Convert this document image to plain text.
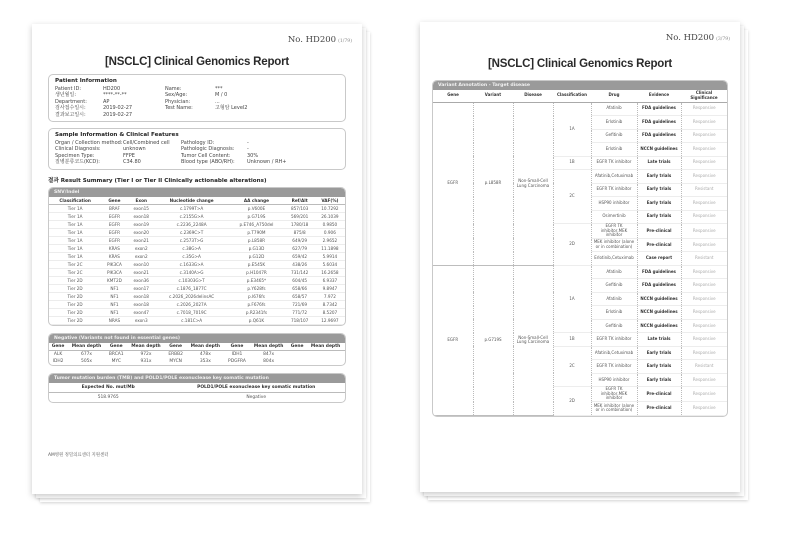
No. HD200 (1/79)
[NSCLC] Clinical Genomics Report
Patient Information
Patient ID:	HD200	Name:	***
생년월일:	****-**-**	Sex/Age:	M / 0
Department:	AP	Physician:	...
검사접수일시:	2019-02-27	Test Name:	고형암 Level2
결과보고일시:	2019-02-27
Sample Information & Clinical Features
Organ / Collection method: Cell/Combined cell	Pathology ID:	-
Clinical Diagnosis:	unknown	Pathologic Diagnosis:	-
Specimen Type:	FFPE	Tumor Cell Content:	30%
질병분류코드(KCD):	C34.80	Blood type (ABO/RH):	Unknown / RH+
결과 Result Summary (Tier I or Tier II Clinically actionable alterations)
SNV/Indel
Classification	Gene	Exon	Nucleotide change	AA change	Ref/Alt	VAF(%)
Tier 1A	BRAF	exon15	c.1799T>A	p.V600E	857/103	10.7292
Tier 1A	EGFR	exon18	c.2155G>A	p.G719S	569/201	26.1039
Tier 1A	EGFR	exon19	c.2236_2248A	p.E746_A750del	1780/18	0.9850
Tier 1A	EGFR	exon20	c.2369C>T	p.T790M	875/8	0.906
Tier 1A	EGFR	exon21	c.2573T>G	p.L858R	649/29	2.9652
Tier 1A	KRAS	exon2	c.38G>A	p.G13D	627/79	11.1898
Tier 1A	KRAS	exon2	c.35G>A	p.G12D	659/42	5.9914
Tier 2C	PIK3CA	exon10	c.1633G>A	p.E545K	438/26	5.6034
Tier 2C	PIK3CA	exon21	c.3140A>G	p.H1047R	731/142	16.2658
Tier 2D	KMT2D	exon36	c.10303G>T	p.E3465*	604/45	6.9337
Tier 2D	NF1	exon17	c.1876_1877C	p.Y628fs	658/66	9.8947
Tier 2D	NF1	exon18	c.2026_2026delinsAC	p.I676fs	658/57	7.972
Tier 2D	NF1	exon18	c.2026_2027A	p.F676fs	721/69	8.7342
Tier 2D	NF1	exon47	c.7018_7019C	p.R2341fs	771/72	8.5207
Tier 2D	NRAS	exon3	c.181C>A	p.Q61K	718/107	12.9697
Negative (Variants not found in essential genes)
Gene	Mean depth	Gene	Mean depth	Gene	Mean depth	Gene	Mean depth	Gene	Mean depth
ALK	677x	BRCA1	972x	ERBB2	478x	IDH1	847x		
IDH2	505x	MYC	931x	MYCN	353x	PDGFRA	804x		
Tumor mutation burden (TMB) and POLD1/POLE exonuclease key somatic mutation
Expected No. mut/Mb	POLD1/POLE exonuclease key somatic mutation
518.9765	Negative
AM병원 정밀의료센터 지원센터
No. HD200 (3/79)
[NSCLC] Clinical Genomics Report
Variant Annotation - Target disease
Gene	Variant	Disease	Classification	Drug	Evidence	Clinical Significance
EGFR	p.L858R	Non-Small-Cell Lung Carcinoma	1A	Afatinib	FDA guidelines	Responsive
				Erlotinib	FDA guidelines	Responsive
				Gefitinib	FDA guidelines	Responsive
				Erlotinib	NCCN guidelines	Responsive
			1B	EGFR TK inhibitor	Late trials	Responsive
			2C	Afatinib,Cetuximab	Early trials	Responsive
				EGFR TK inhibitor	Early trials	Resistant
				HSP90 inhibitor	Early trials	Responsive
				Osimertinib	Early trials	Responsive
			2D	EGFR TK inhibitor,MEK inhibitor	Pre-clinical	Responsive
				MEK inhibitor (alone or in combination)	Pre-clinical	Responsive
				Erlotinib,Cetuximab	Case report	Resistant
EGFR	p.G719S	Non-Small-Cell Lung Carcinoma	1A	Afatinib	FDA guidelines	Responsive
				Gefitinib	FDA guidelines	Responsive
				Afatinib	NCCN guidelines	Responsive
				Erlotinib	NCCN guidelines	Responsive
				Gefitinib	NCCN guidelines	Responsive
			1B	EGFR TK inhibitor	Late trials	Responsive
			2C	Afatinib,Cetuximab	Early trials	Responsive
				EGFR TK inhibitor	Early trials	Resistant
				HSP90 inhibitor	Early trials	Responsive
			2D	EGFR TK inhibitor,MEK inhibitor	Pre-clinical	Responsive
				MEK inhibitor (alone or in combination)	Pre-clinical	Responsive
